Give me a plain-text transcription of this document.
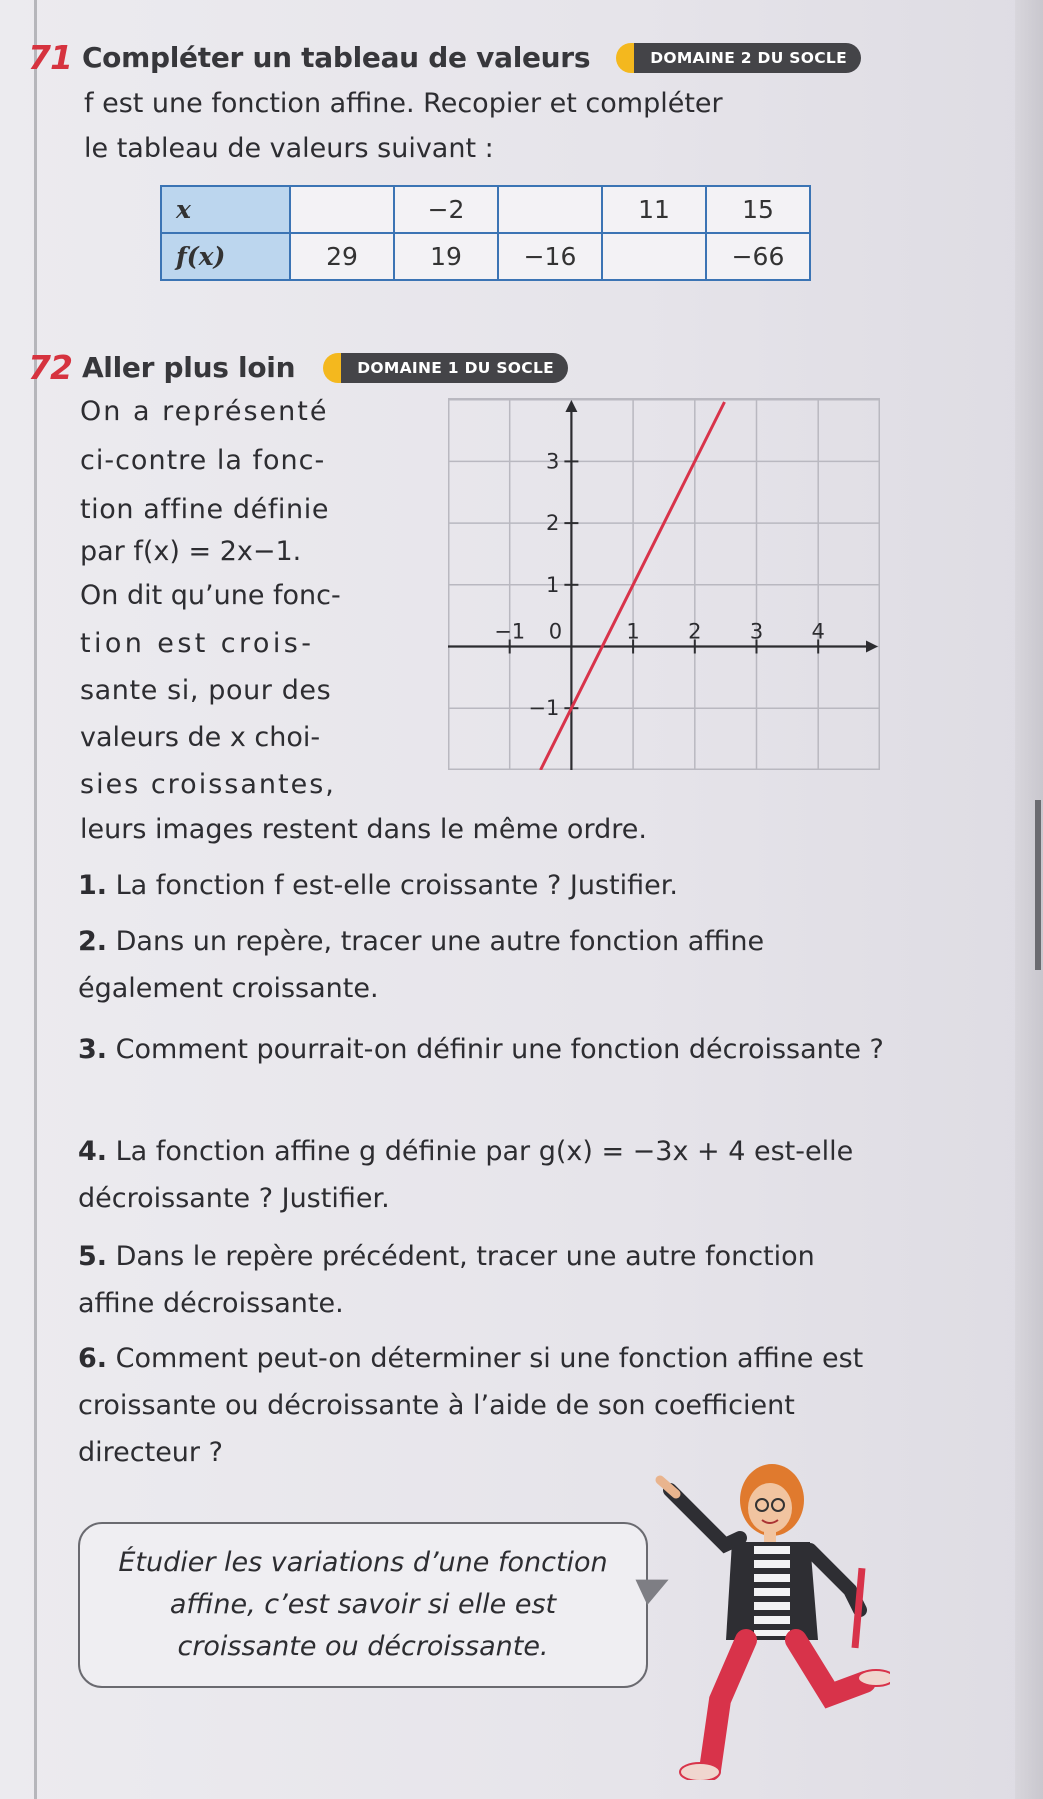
71 Compléter un tableau de valeurs	DOMAINE 2 DU SOCLE
f est une fonction affine. Recopier et compléter
le tableau de valeurs suivant :
x		−2		11	15
f(x)	29	19	−16		−66
72 Aller plus loin	DOMAINE 1 DU SOCLE
On a représenté
ci-contre la fonc-
tion affine définie
par f(x) = 2x−1.
On dit qu’une fonc-
tion est crois-
sante si, pour des
valeurs de x choi-
sies croissantes,
leurs images restent dans le même ordre.
−1 0	1 2 3 4
3
2
1
−1
1. La fonction f est-elle croissante ? Justifier.
2. Dans un repère, tracer une autre fonction affine également croissante.
3. Comment pourrait-on définir une fonction décroissante ?
4. La fonction affine g définie par g(x) = −3x + 4 est-elle décroissante ? Justifier.
5. Dans le repère précédent, tracer une autre fonction affine décroissante.
6. Comment peut-on déterminer si une fonction affine est croissante ou décroissante à l’aide de son coefficient directeur ?
Étudier les variations d’une fonction
affine, c’est savoir si elle est
croissante ou décroissante.
